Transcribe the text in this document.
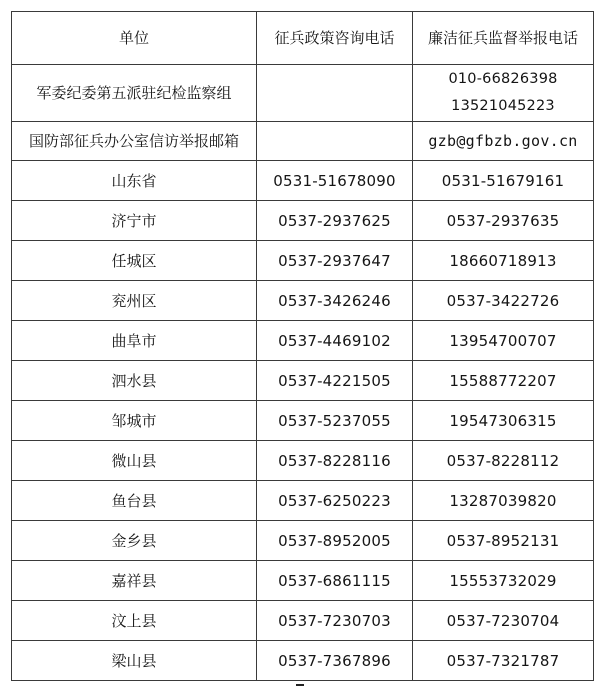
单位	征兵政策咨询电话	廉洁征兵监督举报电话
军委纪委第五派驻纪检监察组		010-66826398
13521045223

国防部征兵办公室信访举报邮箱		gzb@gfbzb.gov.cn
山东省	0531-51678090	0531-51679161
济宁市	0537-2937625	0537-2937635
任城区	0537-2937647	18660718913
兖州区	0537-3426246	0537-3422726
曲阜市	0537-4469102	13954700707
泗水县	0537-4221505	15588772207
邹城市	0537-5237055	19547306315
微山县	0537-8228116	0537-8228112
鱼台县	0537-6250223	13287039820
金乡县	0537-8952005	0537-8952131
嘉祥县	0537-6861115	15553732029
汶上县	0537-7230703	0537-7230704
梁山县	0537-7367896	0537-7321787
